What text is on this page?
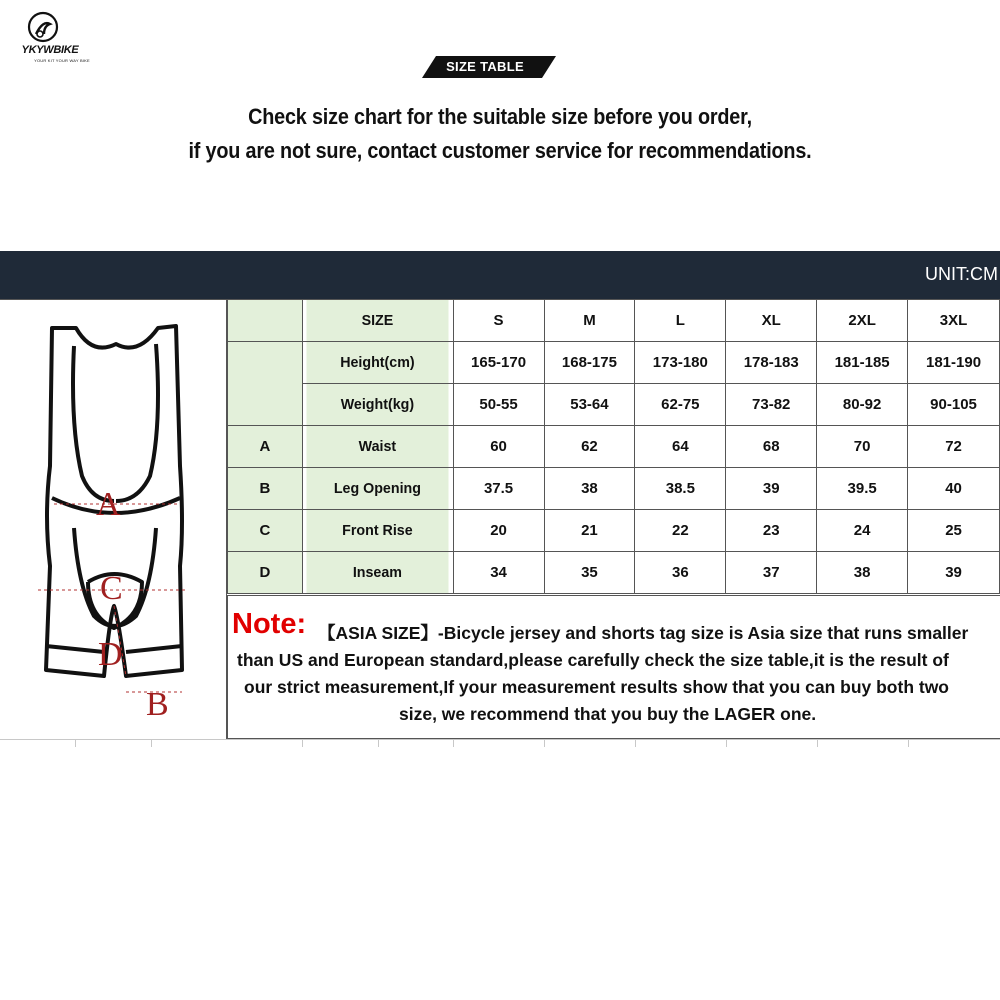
YKYWBIKE
YOUR KIT YOUR WAY BIKE	SIZE TABLE
Check size chart for the suitable size before you order,
if you are not sure, contact customer service for recommendations.
UNIT:CM
A
C
D
B
	SIZE	S	M	L	XL	2XL	3XL
	Height(cm)	165-170	168-175	173-180	178-183	181-185	181-190
	Weight(kg)	50-55	53-64	62-75	73-82	80-92	90-105
A	Waist	60	62	64	68	70	72
B	Leg Opening	37.5	38	38.5	39	39.5	40
C	Front Rise	20	21	22	23	24	25
D	Inseam	34	35	36	37	38	39
Note: 【ASIA SIZE】-Bicycle jersey and shorts tag size is Asia size that runs smaller
than US and European standard,please carefully check the size table,it is the result of
our strict measurement,If your measurement results show that you can buy both two
size, we recommend that you buy the LAGER one.
